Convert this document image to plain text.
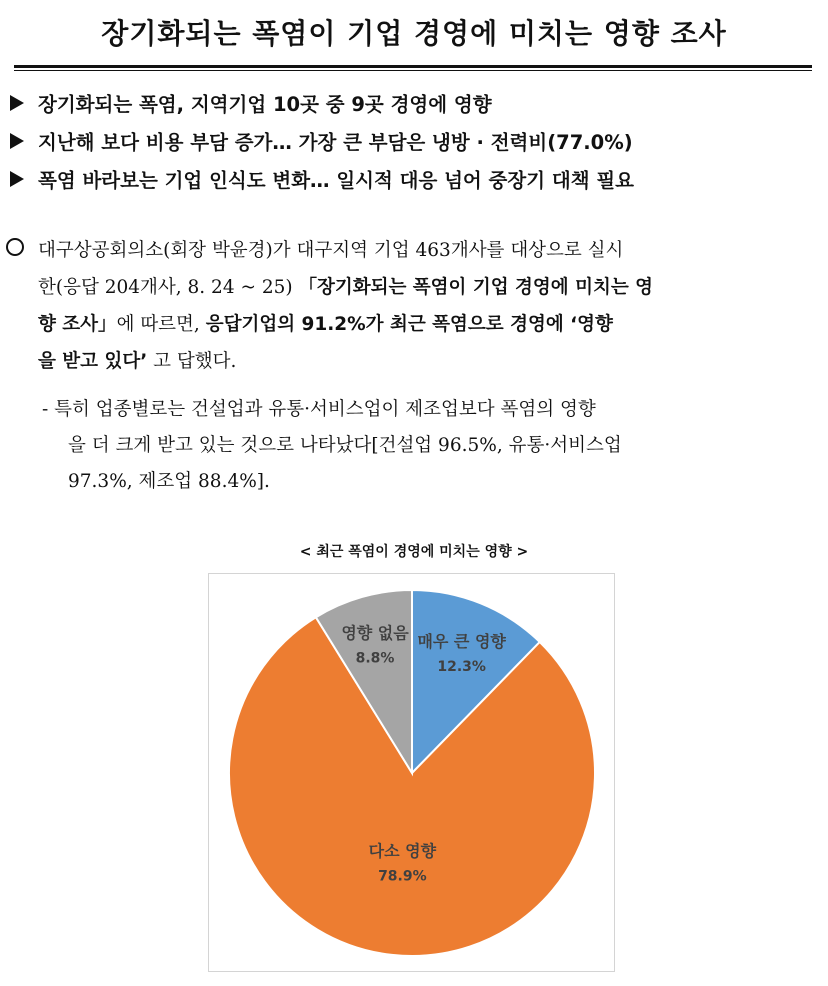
장기화되는 폭염이 기업 경영에 미치는 영향 조사
장기화되는 폭염, 지역기업 10곳 중 9곳 경영에 영향
지난해 보다 비용 부담 증가… 가장 큰 부담은 냉방 · 전력비(77.0%)
폭염 바라보는 기업 인식도 변화… 일시적 대응 넘어 중장기 대책 필요
대구상공회의소(회장 박윤경)가 대구지역 기업 463개사를 대상으로 실시
한(응답 204개사, 8. 24 ~ 25) 「장기화되는 폭염이 기업 경영에 미치는 영
향 조사」에 따르면, 응답기업의 91.2%가 최근 폭염으로 경영에 ‘영향
을 받고 있다’ 고 답했다.
- 특히 업종별로는 건설업과 유통·서비스업이 제조업보다 폭염의 영향
을 더 크게 받고 있는 것으로 나타났다[건설업 96.5%, 유통·서비스업
97.3%, 제조업 88.4%].
< 최근 폭염이 경영에 미치는 영향 >
매우 큰 영향
12.3%
다소 영향
78.9%
영향 없음
8.8%
